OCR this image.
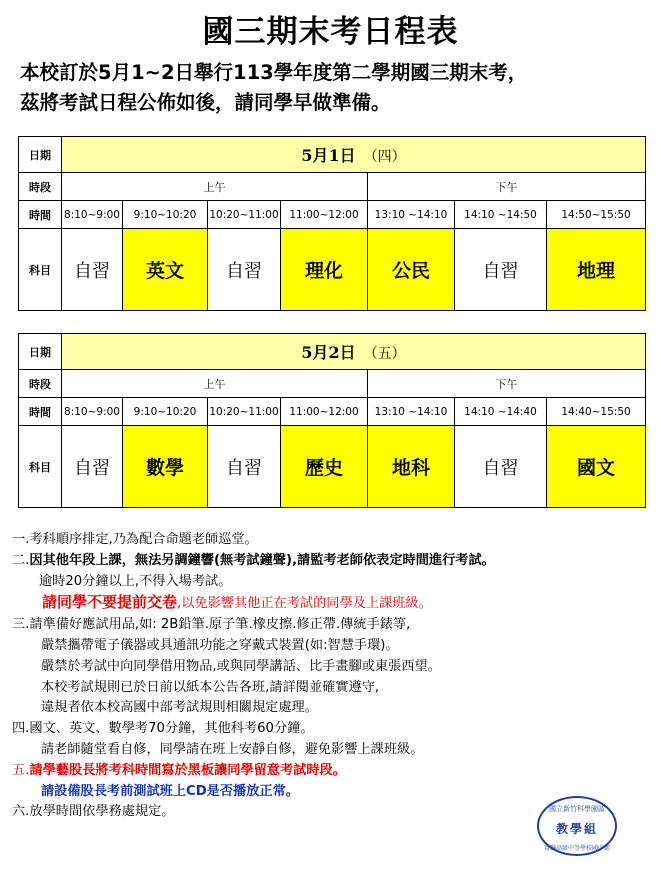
國三期末考日程表
本校訂於5月1~2日舉行113學年度第二學期國三期末考，
茲將考試日程公佈如後，請同學早做準備。
日期	5月1日 （四）						
時段	上午				下午		
時間	8:10~9:00	9:10~10:20	10:20~11:00	11:00~12:00	13:10 ~14:10	14:10 ~14:50	14:50~15:50
科目	自習	英文	自習	理化	公民	自習	地理
日期	5月2日 （五）						
時段	上午				下午		
時間	8:10~9:00	9:10~10:20	10:20~11:00	11:00~12:00	13:10 ~14:10	14:10 ~14:40	14:40~15:50
科目	自習	數學	自習	歷史	地科	自習	國文

一.考科順序排定,乃為配合命題老師巡堂。

二.因其他年段上課，無法另調鐘響(無考試鐘聲),請監考老師依表定時間進行考試。

逾時20分鐘以上,不得入場考試。

請同學不要提前交卷,以免影響其他正在考試的同學及上課班級。

三.請準備好應試用品,如: 2B鉛筆.原子筆.橡皮擦.修正帶.傳統手錶等,

嚴禁攜帶電子儀器或具通訊功能之穿戴式裝置(如:智慧手環)。

嚴禁於考試中向同學借用物品,或與同學講話、比手畫腳或東張西望。

本校考試規則已於日前以紙本公告各班,請詳閱並確實遵守,

違規者依本校高國中部考試規則相關規定處理。

四.國文、英文、數學考70分鐘，其他科考60分鐘。

請老師隨堂看自修，同學請在班上安靜自修，避免影響上課班級。

五.請學藝股長將考科時間寫於黑板讓同學留意考試時段。

請設備股長考前測試班上CD是否播放正常。

六.放學時間依學務處規定。	國立新竹科學園區
教學組
實驗高級中等學校國中部
